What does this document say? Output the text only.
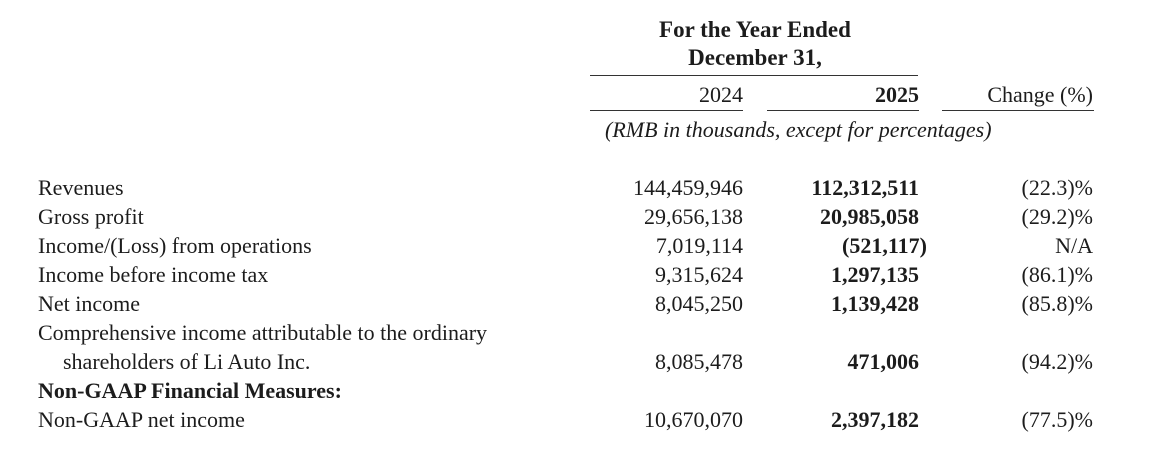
For the Year Ended
December 31,
2024	2025	Change (%)
(RMB in thousands, except for percentages)
Revenues	144,459,946	112,312,511	(22.3)%
Gross profit	29,656,138	20,985,058	(29.2)%
Income/(Loss) from operations	7,019,114	(521,117)	N/A
Income before income tax	9,315,624	1,297,135	(86.1)%
Net income	8,045,250	1,139,428	(85.8)%
Comprehensive income attributable to the ordinary
shareholders of Li Auto Inc.	8,085,478	471,006	(94.2)%
Non-GAAP Financial Measures:
Non-GAAP net income	10,670,070	2,397,182	(77.5)%
